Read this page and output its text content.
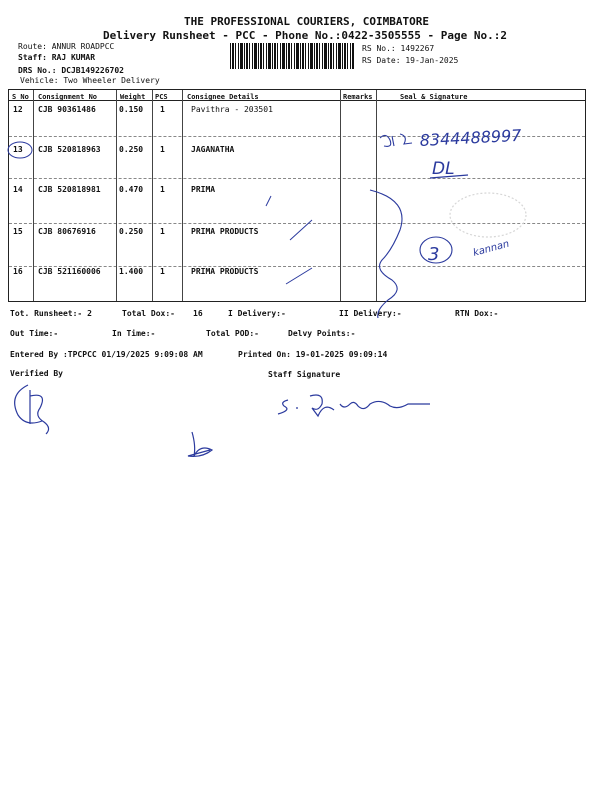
THE PROFESSIONAL COURIERS, COIMBATORE
Delivery Runsheet - PCC - Phone No.:0422-3505555 - Page No.:2
Route: ANNUR ROADPCC
Staff: RAJ KUMAR
DRS No.: DCJB149226702
Vehicle: Two Wheeler Delivery
RS No.: 1492267
RS Date: 19-Jan-2025
S No Consignment No	Weight PCS	Consignee Details	Remarks	Seal & Signature
12 CJB 90361486	0.150 1	Pavithra - 203501
13 CJB 520818963 0.250 1	JAGANATHA
14 CJB 520818981 0.470 1	PRIMA
15 CJB 80676916	0.250 1	PRIMA PRODUCTS
16 CJB 521160006 1.400 1	PRIMA PRODUCTS
Tot. Runsheet:- 2	Total Dox:- 16	I Delivery:-	II Delivery:-	RTN Dox:-
Out Time:-	In Time:-	Total POD:-	Delvy Points:-
Entered By :TPCPCC 01/19/2025 9:09:08 AM	Printed On: 19-01-2025 09:09:14
Verified By	Staff Signature
8344488997
DL
3	kannan
